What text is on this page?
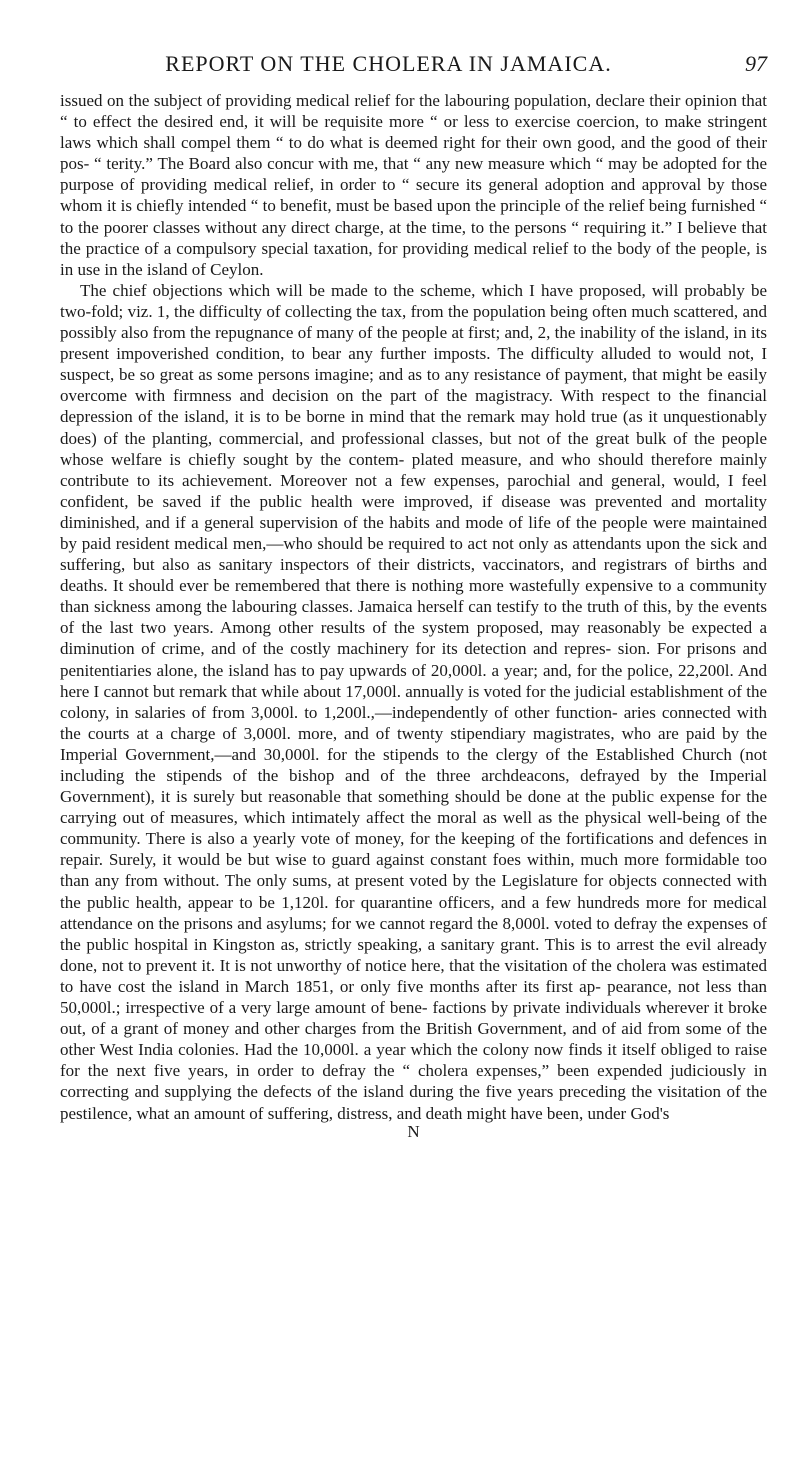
REPORT ON THE CHOLERA IN JAMAICA.	97

issued on the subject of providing medical relief for the labouring population, declare their opinion that “ to effect the desired end, it will be requisite more “ or less to exercise coercion, to make stringent laws which shall compel them “ to do what is deemed right for their own good, and the good of their pos- “ terity.” The Board also concur with me, that “ any new measure which “ may be adopted for the purpose of providing medical relief, in order to “ secure its general adoption and approval by those whom it is chiefly intended “ to benefit, must be based upon the principle of the relief being furnished “ to the poorer classes without any direct charge, at the time, to the persons “ requiring it.” I believe that the practice of a compulsory special taxation, for providing medical relief to the body of the people, is in use in the island of Ceylon.

The chief objections which will be made to the scheme, which I have proposed, will probably be two-fold; viz. 1, the difficulty of collecting the tax, from the population being often much scattered, and possibly also from the repugnance of many of the people at first; and, 2, the inability of the island, in its present impoverished condition, to bear any further imposts. The difficulty alluded to would not, I suspect, be so great as some persons imagine; and as to any resistance of payment, that might be easily overcome with firmness and decision on the part of the magistracy. With respect to the financial depression of the island, it is to be borne in mind that the remark may hold true (as it unquestionably does) of the planting, commercial, and professional classes, but not of the great bulk of the people whose welfare is chiefly sought by the contem- plated measure, and who should therefore mainly contribute to its achievement. Moreover not a few expenses, parochial and general, would, I feel confident, be saved if the public health were improved, if disease was prevented and mortality diminished, and if a general supervision of the habits and mode of life of the people were maintained by paid resident medical men,—who should be required to act not only as attendants upon the sick and suffering, but also as sanitary inspectors of their districts, vaccinators, and registrars of births and deaths. It should ever be remembered that there is nothing more wastefully expensive to a community than sickness among the labouring classes. Jamaica herself can testify to the truth of this, by the events of the last two years. Among other results of the system proposed, may reasonably be expected a diminution of crime, and of the costly machinery for its detection and repres- sion. For prisons and penitentiaries alone, the island has to pay upwards of 20,000l. a year; and, for the police, 22,200l. And here I cannot but remark that while about 17,000l. annually is voted for the judicial establishment of the colony, in salaries of from 3,000l. to 1,200l.,—independently of other function- aries connected with the courts at a charge of 3,000l. more, and of twenty stipendiary magistrates, who are paid by the Imperial Government,—and 30,000l. for the stipends to the clergy of the Established Church (not including the stipends of the bishop and of the three archdeacons, defrayed by the Imperial Government), it is surely but reasonable that something should be done at the public expense for the carrying out of measures, which intimately affect the moral as well as the physical well-being of the community. There is also a yearly vote of money, for the keeping of the fortifications and defences in repair. Surely, it would be but wise to guard against constant foes within, much more formidable too than any from without. The only sums, at present voted by the Legislature for objects connected with the public health, appear to be 1,120l. for quarantine officers, and a few hundreds more for medical attendance on the prisons and asylums; for we cannot regard the 8,000l. voted to defray the expenses of the public hospital in Kingston as, strictly speaking, a sanitary grant. This is to arrest the evil already done, not to prevent it. It is not unworthy of notice here, that the visitation of the cholera was estimated to have cost the island in March 1851, or only five months after its first ap- pearance, not less than 50,000l.; irrespective of a very large amount of bene- factions by private individuals wherever it broke out, of a grant of money and other charges from the British Government, and of aid from some of the other West India colonies. Had the 10,000l. a year which the colony now finds it itself obliged to raise for the next five years, in order to defray the “ cholera expenses,” been expended judiciously in correcting and supplying the defects of the island during the five years preceding the visitation of the pestilence, what an amount of suffering, distress, and death might have been, under God's

N
